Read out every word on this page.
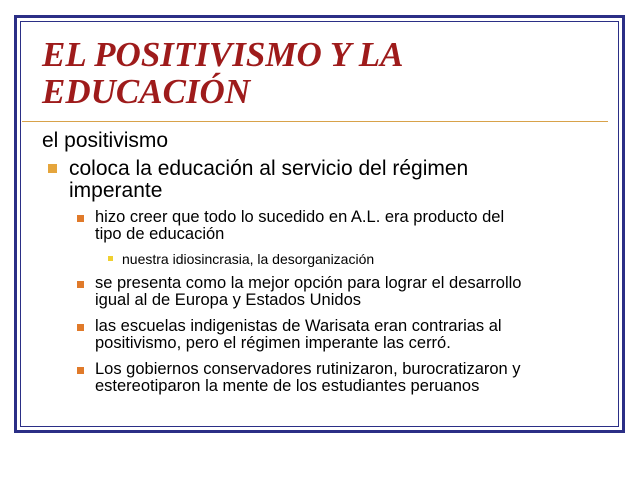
EL POSITIVISMO Y LA
EDUCACIÓN
el positivismo
coloca la educación al servicio del régimen
imperante
hizo creer que todo lo sucedido en A.L. era producto del
tipo de educación
nuestra idiosincrasia, la desorganización
se presenta como la mejor opción para lograr el desarrollo
igual al de Europa y Estados Unidos
las escuelas indigenistas de Warisata eran contrarias al
positivismo, pero el régimen imperante las cerró.
Los gobiernos conservadores rutinizaron, burocratizaron y
estereotiparon la mente de los estudiantes peruanos
